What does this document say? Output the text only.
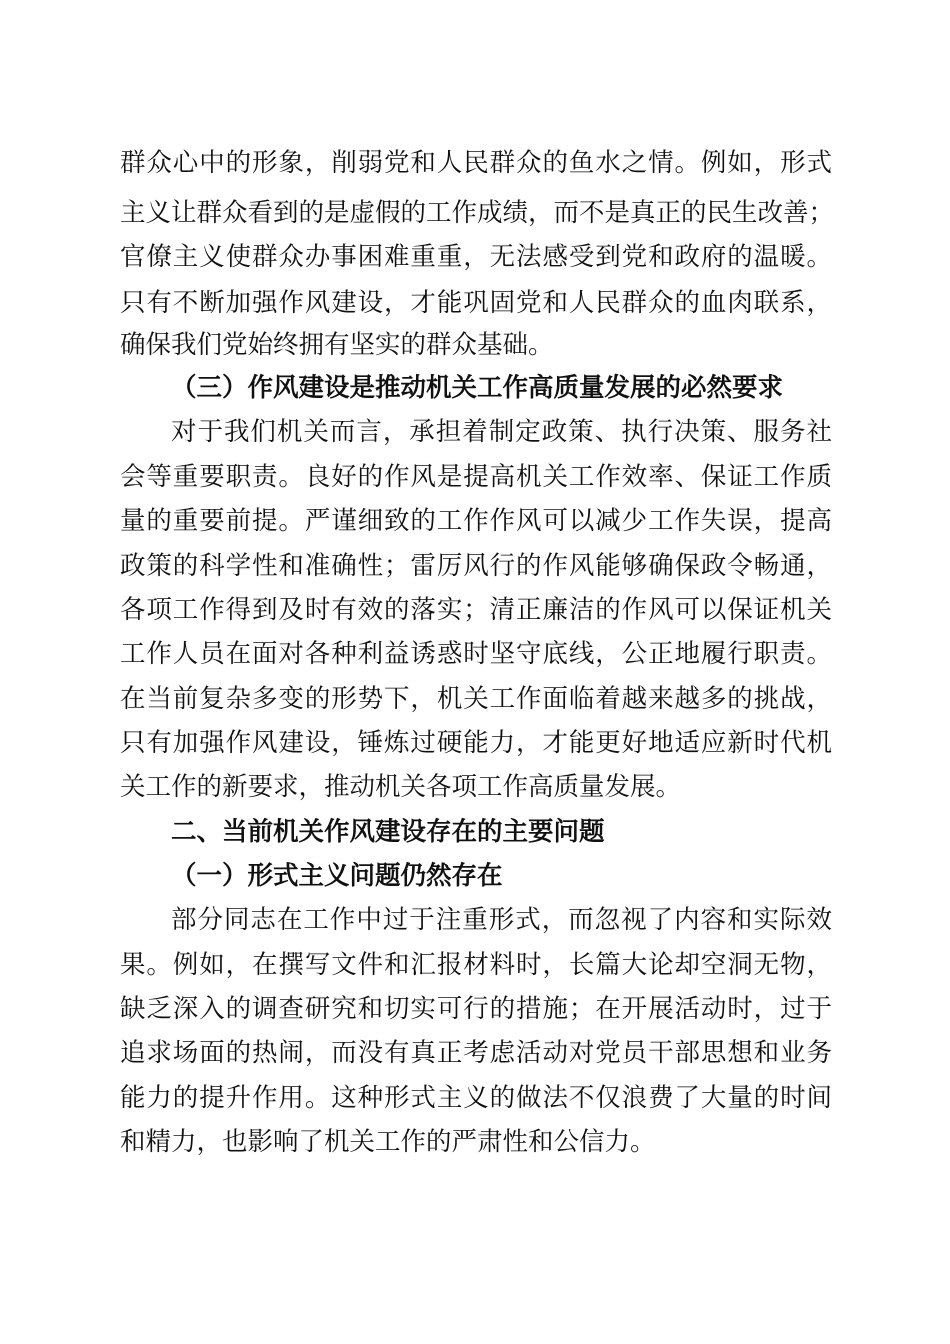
群众心中的形象，削弱党和人民群众的鱼水之情。例如，形式
主义让群众看到的是虚假的工作成绩，而不是真正的民生改善；
官僚主义使群众办事困难重重，无法感受到党和政府的温暖。
只有不断加强作风建设，才能巩固党和人民群众的血肉联系，
确保我们党始终拥有坚实的群众基础。
（三）作风建设是推动机关工作高质量发展的必然要求
对于我们机关而言，承担着制定政策、执行决策、服务社
会等重要职责。良好的作风是提高机关工作效率、保证工作质
量的重要前提。严谨细致的工作作风可以减少工作失误，提高
政策的科学性和准确性；雷厉风行的作风能够确保政令畅通，
各项工作得到及时有效的落实；清正廉洁的作风可以保证机关
工作人员在面对各种利益诱惑时坚守底线，公正地履行职责。
在当前复杂多变的形势下，机关工作面临着越来越多的挑战，
只有加强作风建设，锤炼过硬能力，才能更好地适应新时代机
关工作的新要求，推动机关各项工作高质量发展。
二、当前机关作风建设存在的主要问题
（一）形式主义问题仍然存在
部分同志在工作中过于注重形式，而忽视了内容和实际效
果。例如，在撰写文件和汇报材料时，长篇大论却空洞无物，
缺乏深入的调查研究和切实可行的措施；在开展活动时，过于
追求场面的热闹，而没有真正考虑活动对党员干部思想和业务
能力的提升作用。这种形式主义的做法不仅浪费了大量的时间
和精力，也影响了机关工作的严肃性和公信力。
